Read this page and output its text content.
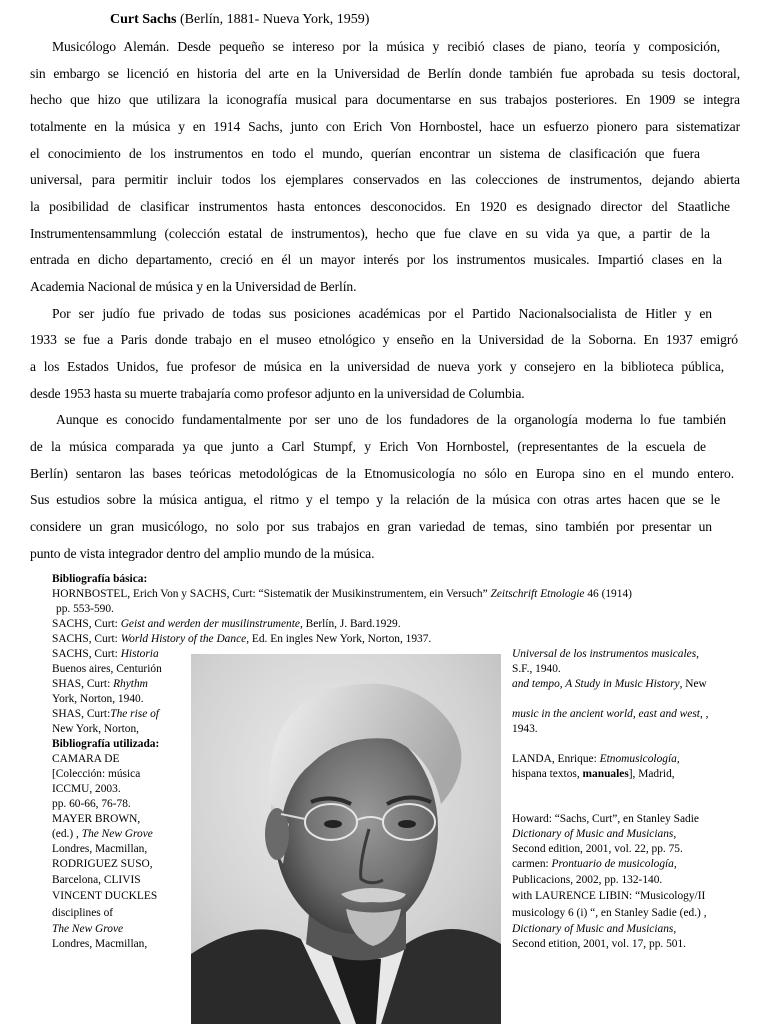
Curt Sachs (Berlín, 1881- Nueva York, 1959)
Musicólogo Alemán. Desde pequeño se intereso por la música y recibió clases de piano, teoría y composición,
sin embargo se licenció en historia del arte en la Universidad de Berlín donde también fue aprobada su tesis doctoral,
hecho que hizo que utilizara la iconografía musical para documentarse en sus trabajos posteriores. En 1909 se integra
totalmente en la música y en 1914 Sachs, junto con Erich Von Hornbostel, hace un esfuerzo pionero para sistematizar
el conocimiento de los instrumentos en todo el mundo, querían encontrar un sistema de clasificación que fuera
universal, para permitir incluir todos los ejemplares conservados en las colecciones de instrumentos, dejando abierta
la posibilidad de clasificar instrumentos hasta entonces desconocidos. En 1920 es designado director del Staatliche
Instrumentensammlung (colección estatal de instrumentos), hecho que fue clave en su vida ya que, a partir de la
entrada en dicho departamento, creció en él un mayor interés por los instrumentos musicales. Impartió clases en la
Academia Nacional de música y en la Universidad de Berlín.
Por ser judío fue privado de todas sus posiciones académicas por el Partido Nacionalsocialista de Hitler y en
1933 se fue a Paris donde trabajo en el museo etnológico y enseño en la Universidad de la Soborna. En 1937 emigró
a los Estados Unidos, fue profesor de música en la universidad de nueva york y consejero en la biblioteca pública,
desde 1953 hasta su muerte trabajaría como profesor adjunto en la universidad de Columbia.
Aunque es conocido fundamentalmente por ser uno de los fundadores de la organología moderna lo fue también
de la música comparada ya que junto a Carl Stumpf, y Erich Von Hornbostel, (representantes de la escuela de
Berlín) sentaron las bases teóricas metodológicas de la Etnomusicología no sólo en Europa sino en el mundo entero.
Sus estudios sobre la música antigua, el ritmo y el tempo y la relación de la música con otras artes hacen que se le
considere un gran musicólogo, no solo por sus trabajos en gran variedad de temas, sino también por presentar un
punto de vista integrador dentro del amplio mundo de la música.
Bibliografía básica:
HORNBOSTEL, Erich Von y SACHS, Curt: “Sistematik der Musikinstrumentem, ein Versuch” Zeitschrift Etnologie 46 (1914)
pp. 553-590.
SACHS, Curt: Geist and werden der musilinstrumente, Berlín, J. Bard.1929.
SACHS, Curt: World History of the Dance, Ed. En ingles New York, Norton, 1937.
SACHS, Curt: Historia
Buenos aires, Centurión
SHAS, Curt: Rhythm
York, Norton, 1940.
SHAS, Curt:The rise of
New York, Norton,
Bibliografía utilizada:
CAMARA DE
[Colección: música
ICCMU, 2003.
pp. 60-66, 76-78.
MAYER BROWN,
(ed.) , The New Grove
Londres, Macmillan,
RODRIGUEZ SUSO,
Barcelona, CLIVIS
VINCENT DUCKLES
disciplines of
The New Grove
Londres, Macmillan,
Universal de los instrumentos musicales,
S.F., 1940.
and tempo, A Study in Music History, New
music in the ancient world, east and west, ,
1943.
LANDA, Enrique: Etnomusicología,
hispana textos, manuales], Madrid,
Howard: “Sachs, Curt”, en Stanley Sadie
Dictionary of Music and Musicians,
Second edition, 2001, vol. 22, pp. 75.
carmen: Prontuario de musicología,
Publicacions, 2002, pp. 132-140.
with LAURENCE LIBIN: “Musicology/II
musicology 6 (i) “, en Stanley Sadie (ed.) ,
Dictionary of Music and Musicians,
Second etition, 2001, vol. 17, pp. 501.
